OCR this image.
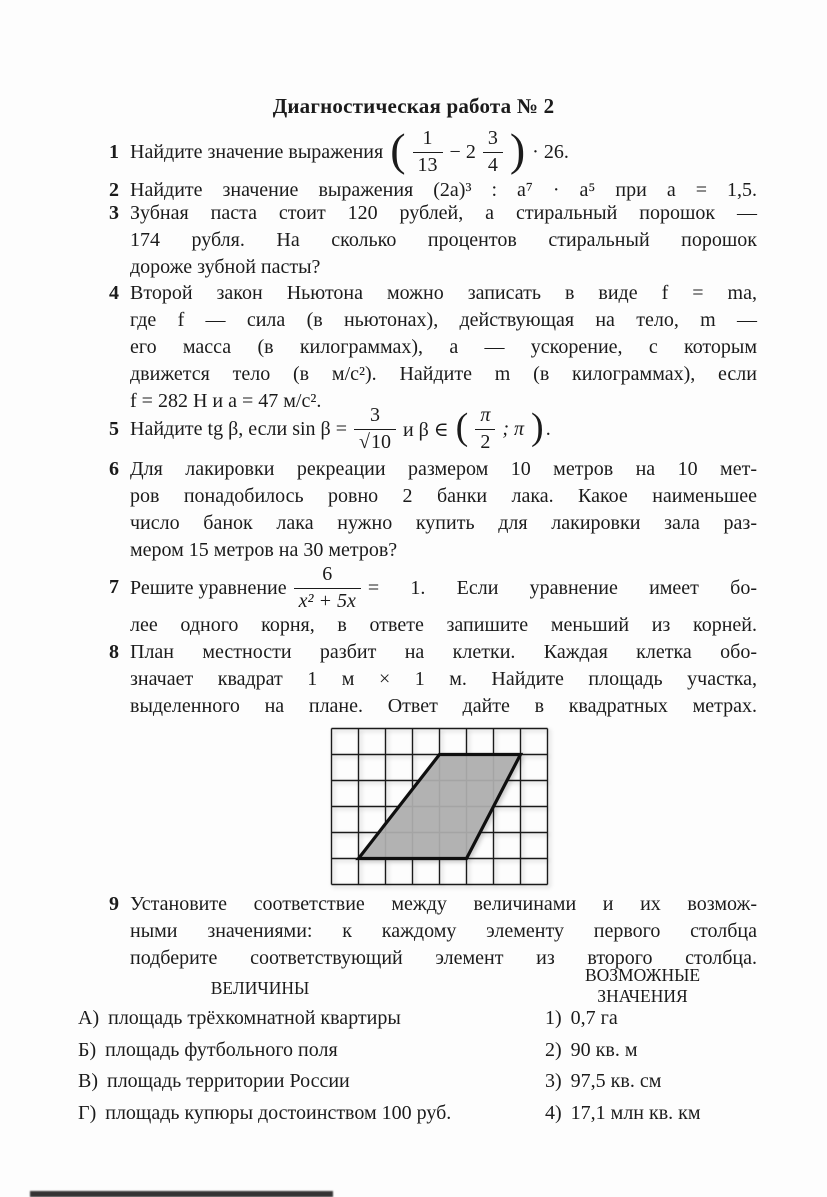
Диагностическая работа № 2
1 Найдите значение выражения ( $\frac{1}{13} - 2 \frac{3}{4}$ ) · 26.
2 Найдите значение выражения (2a)³ : a⁷ · a⁵ при a = 1,5.
3 Зубная паста стоит 120 рублей, а стиральный порошок —
174 рубля. На сколько процентов стиральный порошок
дороже зубной пасты?
4 Второй закон Ньютона можно записать в виде f = ma,
где f — сила (в ньютонах), действующая на тело, m —
его масса (в килограммах), a — ускорение, с которым
движется тело (в м/с²). Найдите m (в килограммах), если
f = 282 Н и a = 47 м/с².
5 Найдите tg β, если $\sin \beta = \frac{3}{√10}$ и β ∈ ( $\frac{\pi}{2}$ ; π ) .
6 Для лакировки рекреации размером 10 метров на 10 мет-
ров понадобилось ровно 2 банки лака. Какое наименьшее
число банок лака нужно купить для лакировки зала раз-
мером 15 метров на 30 метров?
7 Решите уравнение $\frac{6}{\text{x² + 5x}} = 1$. Если уравнение имеет бо-
лее одного корня, в ответе запишите меньший из корней.
8 План местности разбит на клетки. Каждая клетка обо-
значает квадрат 1 м × 1 м. Найдите площадь участка,
выделенного на плане. Ответ дайте в квадратных метрах.
9 Установите соответствие между величинами и их возмож-
ными значениями: к каждому элементу первого столбца
подберите соответствующий элемент из второго столбца.
ВЕЛИЧИНЫ
ВОЗМОЖНЫЕ
ЗНАЧЕНИЯ
А) площадь трёхкомнатной квартиры	1) 0,7 га
Б) площадь футбольного поля	2) 90 кв. м
В) площадь территории России	3) 97,5 кв. см
Г) площадь купюры достоинством 100 руб.	4) 17,1 млн кв. км
